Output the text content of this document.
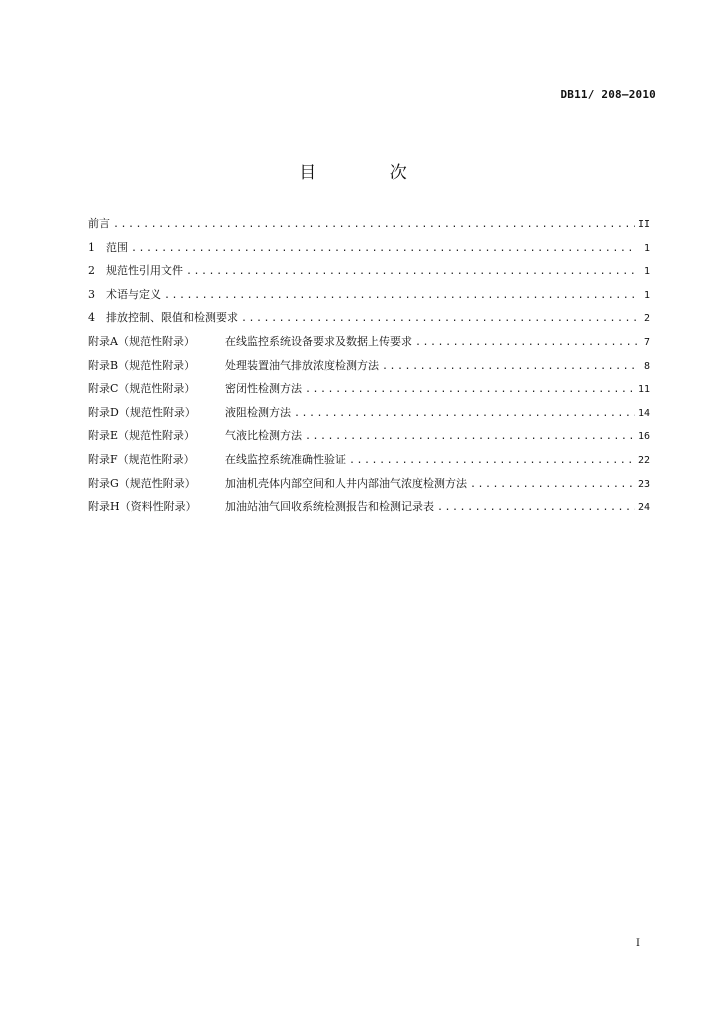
DB11/ 208—2010
目 次
前言 .....	II
1　范围 .....	1
2　规范性引用文件 .....	1
3　术语与定义 .....	1
4　排放控制、限值和检测要求 .....	2
附录A（规范性附录）	在线监控系统设备要求及数据上传要求 .....	7
附录B（规范性附录）	处理装置油气排放浓度检测方法 .....	8
附录C（规范性附录）	密闭性检测方法 .....	11
附录D（规范性附录）	液阻检测方法 .....	14
附录E（规范性附录）	气液比检测方法 .....	16
附录F（规范性附录）	在线监控系统准确性验证 .....	22
附录G（规范性附录）	加油机壳体内部空间和人井内部油气浓度检测方法 .....	23
附录H（资料性附录）	加油站油气回收系统检测报告和检测记录表 .....	24
I
